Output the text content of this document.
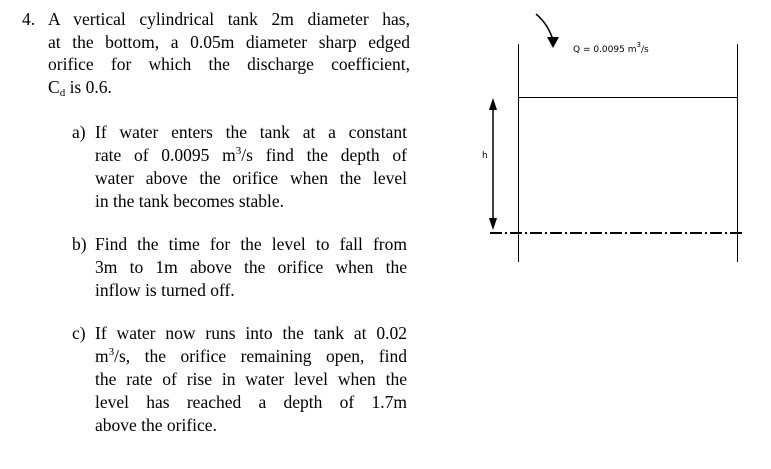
4. A vertical cylindrical tank 2m diameter has,
at the bottom, a 0.05m diameter sharp edged
orifice for which the discharge coefficient,
$C_d$ is 0.6.
a) If water enters the tank at a constant
rate of 0.0095 $m^3/s$ find the depth of
water above the orifice when the level
in the tank becomes stable.
b) Find the time for the level to fall from
3m to 1m above the orifice when the
inflow is turned off.
c) If water now runs into the tank at 0.02
$m^3/s$, the orifice remaining open, find
the rate of rise in water level when the
level has reached a depth of 1.7m
above the orifice.
Q = 0.0095 $m^3/s$
h
